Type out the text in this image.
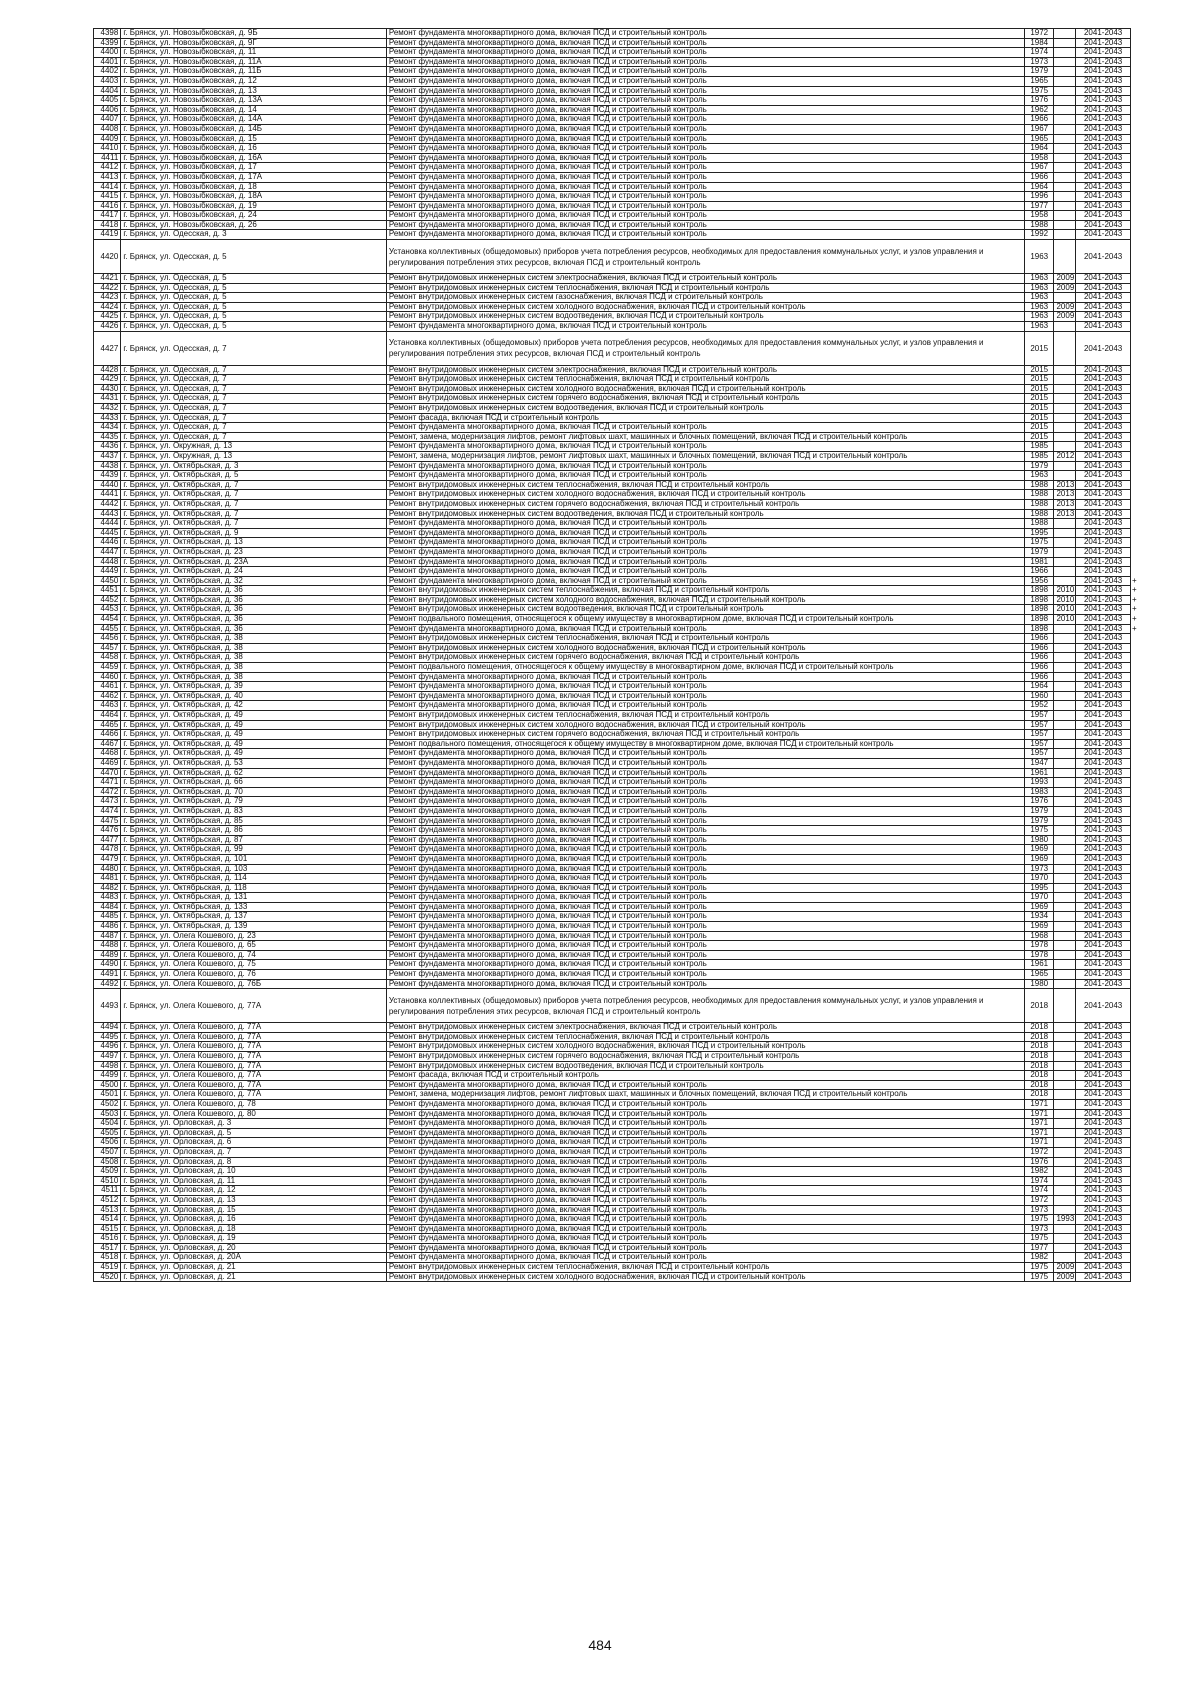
4398	г. Брянск, ул. Новозыбковская, д. 9Б	Ремонт фундамента многоквартирного дома, включая ПСД и строительный контроль	1972		2041-2043	
4399	г. Брянск, ул. Новозыбковская, д. 9Г	Ремонт фундамента многоквартирного дома, включая ПСД и строительный контроль	1984		2041-2043	
4400	г. Брянск, ул. Новозыбковская, д. 11	Ремонт фундамента многоквартирного дома, включая ПСД и строительный контроль	1974		2041-2043	
4401	г. Брянск, ул. Новозыбковская, д. 11А	Ремонт фундамента многоквартирного дома, включая ПСД и строительный контроль	1973		2041-2043	
4402	г. Брянск, ул. Новозыбковская, д. 11Б	Ремонт фундамента многоквартирного дома, включая ПСД и строительный контроль	1979		2041-2043	
4403	г. Брянск, ул. Новозыбковская, д. 12	Ремонт фундамента многоквартирного дома, включая ПСД и строительный контроль	1965		2041-2043	
4404	г. Брянск, ул. Новозыбковская, д. 13	Ремонт фундамента многоквартирного дома, включая ПСД и строительный контроль	1975		2041-2043	
4405	г. Брянск, ул. Новозыбковская, д. 13А	Ремонт фундамента многоквартирного дома, включая ПСД и строительный контроль	1976		2041-2043	
4406	г. Брянск, ул. Новозыбковская, д. 14	Ремонт фундамента многоквартирного дома, включая ПСД и строительный контроль	1962		2041-2043	
4407	г. Брянск, ул. Новозыбковская, д. 14А	Ремонт фундамента многоквартирного дома, включая ПСД и строительный контроль	1966		2041-2043	
4408	г. Брянск, ул. Новозыбковская, д. 14Б	Ремонт фундамента многоквартирного дома, включая ПСД и строительный контроль	1967		2041-2043	
4409	г. Брянск, ул. Новозыбковская, д. 15	Ремонт фундамента многоквартирного дома, включая ПСД и строительный контроль	1965		2041-2043	
4410	г. Брянск, ул. Новозыбковская, д. 16	Ремонт фундамента многоквартирного дома, включая ПСД и строительный контроль	1964		2041-2043	
4411	г. Брянск, ул. Новозыбковская, д. 16А	Ремонт фундамента многоквартирного дома, включая ПСД и строительный контроль	1958		2041-2043	
4412	г. Брянск, ул. Новозыбковская, д. 17	Ремонт фундамента многоквартирного дома, включая ПСД и строительный контроль	1967		2041-2043	
4413	г. Брянск, ул. Новозыбковская, д. 17А	Ремонт фундамента многоквартирного дома, включая ПСД и строительный контроль	1966		2041-2043	
4414	г. Брянск, ул. Новозыбковская, д. 18	Ремонт фундамента многоквартирного дома, включая ПСД и строительный контроль	1964		2041-2043	
4415	г. Брянск, ул. Новозыбковская, д. 18А	Ремонт фундамента многоквартирного дома, включая ПСД и строительный контроль	1996		2041-2043	
4416	г. Брянск, ул. Новозыбковская, д. 19	Ремонт фундамента многоквартирного дома, включая ПСД и строительный контроль	1977		2041-2043	
4417	г. Брянск, ул. Новозыбковская, д. 24	Ремонт фундамента многоквартирного дома, включая ПСД и строительный контроль	1958		2041-2043	
4418	г. Брянск, ул. Новозыбковская, д. 26	Ремонт фундамента многоквартирного дома, включая ПСД и строительный контроль	1988		2041-2043	
4419	г. Брянск, ул. Одесская, д. 3	Ремонт фундамента многоквартирного дома, включая ПСД и строительный контроль	1992		2041-2043	
4420	г. Брянск, ул. Одесская, д. 5	Установка коллективных (общедомовых) приборов учета потребления ресурсов, необходимых для предоставления коммунальных услуг, и узлов управления и регулирования потребления этих ресурсов, включая ПСД и строительный контроль	1963		2041-2043	
4421	г. Брянск, ул. Одесская, д. 5	Ремонт внутридомовых инженерных систем электроснабжения, включая ПСД и строительный контроль	1963	2009	2041-2043	
4422	г. Брянск, ул. Одесская, д. 5	Ремонт внутридомовых инженерных систем теплоснабжения, включая ПСД и строительный контроль	1963	2009	2041-2043	
4423	г. Брянск, ул. Одесская, д. 5	Ремонт внутридомовых инженерных систем газоснабжения, включая ПСД и строительный контроль	1963		2041-2043	
4424	г. Брянск, ул. Одесская, д. 5	Ремонт внутридомовых инженерных систем холодного водоснабжения, включая ПСД и строительный контроль	1963	2009	2041-2043	
4425	г. Брянск, ул. Одесская, д. 5	Ремонт внутридомовых инженерных систем водоотведения, включая ПСД и строительный контроль	1963	2009	2041-2043	
4426	г. Брянск, ул. Одесская, д. 5	Ремонт фундамента многоквартирного дома, включая ПСД и строительный контроль	1963		2041-2043	
4427	г. Брянск, ул. Одесская, д. 7	Установка коллективных (общедомовых) приборов учета потребления ресурсов, необходимых для предоставления коммунальных услуг, и узлов управления и регулирования потребления этих ресурсов, включая ПСД и строительный контроль	2015		2041-2043	
4428	г. Брянск, ул. Одесская, д. 7	Ремонт внутридомовых инженерных систем электроснабжения, включая ПСД и строительный контроль	2015		2041-2043	
4429	г. Брянск, ул. Одесская, д. 7	Ремонт внутридомовых инженерных систем теплоснабжения, включая ПСД и строительный контроль	2015		2041-2043	
4430	г. Брянск, ул. Одесская, д. 7	Ремонт внутридомовых инженерных систем холодного водоснабжения, включая ПСД и строительный контроль	2015		2041-2043	
4431	г. Брянск, ул. Одесская, д. 7	Ремонт внутридомовых инженерных систем горячего водоснабжения, включая ПСД и строительный контроль	2015		2041-2043	
4432	г. Брянск, ул. Одесская, д. 7	Ремонт внутридомовых инженерных систем водоотведения, включая ПСД и строительный контроль	2015		2041-2043	
4433	г. Брянск, ул. Одесская, д. 7	Ремонт фасада, включая ПСД и строительный контроль	2015		2041-2043	
4434	г. Брянск, ул. Одесская, д. 7	Ремонт фундамента многоквартирного дома, включая ПСД и строительный контроль	2015		2041-2043	
4435	г. Брянск, ул. Одесская, д. 7	Ремонт, замена, модернизация лифтов, ремонт лифтовых шахт, машинных и блочных помещений, включая ПСД и строительный контроль	2015		2041-2043	
4436	г. Брянск, ул. Окружная, д. 13	Ремонт фундамента многоквартирного дома, включая ПСД и строительный контроль	1985		2041-2043	
4437	г. Брянск, ул. Окружная, д. 13	Ремонт, замена, модернизация лифтов, ремонт лифтовых шахт, машинных и блочных помещений, включая ПСД и строительный контроль	1985	2012	2041-2043	
4438	г. Брянск, ул. Октябрьская, д. 3	Ремонт фундамента многоквартирного дома, включая ПСД и строительный контроль	1979		2041-2043	
4439	г. Брянск, ул. Октябрьская, д. 5	Ремонт фундамента многоквартирного дома, включая ПСД и строительный контроль	1963		2041-2043	
4440	г. Брянск, ул. Октябрьская, д. 7	Ремонт внутридомовых инженерных систем теплоснабжения, включая ПСД и строительный контроль	1988	2013	2041-2043	
4441	г. Брянск, ул. Октябрьская, д. 7	Ремонт внутридомовых инженерных систем холодного водоснабжения, включая ПСД и строительный контроль	1988	2013	2041-2043	
4442	г. Брянск, ул. Октябрьская, д. 7	Ремонт внутридомовых инженерных систем горячего водоснабжения, включая ПСД и строительный контроль	1988	2013	2041-2043	
4443	г. Брянск, ул. Октябрьская, д. 7	Ремонт внутридомовых инженерных систем водоотведения, включая ПСД и строительный контроль	1988	2013	2041-2043	
4444	г. Брянск, ул. Октябрьская, д. 7	Ремонт фундамента многоквартирного дома, включая ПСД и строительный контроль	1988		2041-2043	
4445	г. Брянск, ул. Октябрьская, д. 9	Ремонт фундамента многоквартирного дома, включая ПСД и строительный контроль	1995		2041-2043	
4446	г. Брянск, ул. Октябрьская, д. 13	Ремонт фундамента многоквартирного дома, включая ПСД и строительный контроль	1975		2041-2043	
4447	г. Брянск, ул. Октябрьская, д. 23	Ремонт фундамента многоквартирного дома, включая ПСД и строительный контроль	1979		2041-2043	
4448	г. Брянск, ул. Октябрьская, д. 23А	Ремонт фундамента многоквартирного дома, включая ПСД и строительный контроль	1981		2041-2043	
4449	г. Брянск, ул. Октябрьская, д. 24	Ремонт фундамента многоквартирного дома, включая ПСД и строительный контроль	1966		2041-2043	
4450	г. Брянск, ул. Октябрьская, д. 32	Ремонт фундамента многоквартирного дома, включая ПСД и строительный контроль	1956		2041-2043	+
4451	г. Брянск, ул. Октябрьская, д. 36	Ремонт внутридомовых инженерных систем теплоснабжения, включая ПСД и строительный контроль	1898	2010	2041-2043	+
4452	г. Брянск, ул. Октябрьская, д. 36	Ремонт внутридомовых инженерных систем холодного водоснабжения, включая ПСД и строительный контроль	1898	2010	2041-2043	+
4453	г. Брянск, ул. Октябрьская, д. 36	Ремонт внутридомовых инженерных систем водоотведения, включая ПСД и строительный контроль	1898	2010	2041-2043	+
4454	г. Брянск, ул. Октябрьская, д. 36	Ремонт подвального помещения, относящегося к общему имуществу в многоквартирном доме, включая ПСД и строительный контроль	1898	2010	2041-2043	+
4455	г. Брянск, ул. Октябрьская, д. 36	Ремонт фундамента многоквартирного дома, включая ПСД и строительный контроль	1898		2041-2043	+
4456	г. Брянск, ул. Октябрьская, д. 38	Ремонт внутридомовых инженерных систем теплоснабжения, включая ПСД и строительный контроль	1966		2041-2043	
4457	г. Брянск, ул. Октябрьская, д. 38	Ремонт внутридомовых инженерных систем холодного водоснабжения, включая ПСД и строительный контроль	1966		2041-2043	
4458	г. Брянск, ул. Октябрьская, д. 38	Ремонт внутридомовых инженерных систем горячего водоснабжения, включая ПСД и строительный контроль	1966		2041-2043	
4459	г. Брянск, ул. Октябрьская, д. 38	Ремонт подвального помещения, относящегося к общему имуществу в многоквартирном доме, включая ПСД и строительный контроль	1966		2041-2043	
4460	г. Брянск, ул. Октябрьская, д. 38	Ремонт фундамента многоквартирного дома, включая ПСД и строительный контроль	1966		2041-2043	
4461	г. Брянск, ул. Октябрьская, д. 39	Ремонт фундамента многоквартирного дома, включая ПСД и строительный контроль	1964		2041-2043	
4462	г. Брянск, ул. Октябрьская, д. 40	Ремонт фундамента многоквартирного дома, включая ПСД и строительный контроль	1960		2041-2043	
4463	г. Брянск, ул. Октябрьская, д. 42	Ремонт фундамента многоквартирного дома, включая ПСД и строительный контроль	1952		2041-2043	
4464	г. Брянск, ул. Октябрьская, д. 49	Ремонт внутридомовых инженерных систем теплоснабжения, включая ПСД и строительный контроль	1957		2041-2043	
4465	г. Брянск, ул. Октябрьская, д. 49	Ремонт внутридомовых инженерных систем холодного водоснабжения, включая ПСД и строительный контроль	1957		2041-2043	
4466	г. Брянск, ул. Октябрьская, д. 49	Ремонт внутридомовых инженерных систем горячего водоснабжения, включая ПСД и строительный контроль	1957		2041-2043	
4467	г. Брянск, ул. Октябрьская, д. 49	Ремонт подвального помещения, относящегося к общему имуществу в многоквартирном доме, включая ПСД и строительный контроль	1957		2041-2043	
4468	г. Брянск, ул. Октябрьская, д. 49	Ремонт фундамента многоквартирного дома, включая ПСД и строительный контроль	1957		2041-2043	
4469	г. Брянск, ул. Октябрьская, д. 53	Ремонт фундамента многоквартирного дома, включая ПСД и строительный контроль	1947		2041-2043	
4470	г. Брянск, ул. Октябрьская, д. 62	Ремонт фундамента многоквартирного дома, включая ПСД и строительный контроль	1961		2041-2043	
4471	г. Брянск, ул. Октябрьская, д. 66	Ремонт фундамента многоквартирного дома, включая ПСД и строительный контроль	1993		2041-2043	
4472	г. Брянск, ул. Октябрьская, д. 70	Ремонт фундамента многоквартирного дома, включая ПСД и строительный контроль	1983		2041-2043	
4473	г. Брянск, ул. Октябрьская, д. 79	Ремонт фундамента многоквартирного дома, включая ПСД и строительный контроль	1976		2041-2043	
4474	г. Брянск, ул. Октябрьская, д. 83	Ремонт фундамента многоквартирного дома, включая ПСД и строительный контроль	1979		2041-2043	
4475	г. Брянск, ул. Октябрьская, д. 85	Ремонт фундамента многоквартирного дома, включая ПСД и строительный контроль	1979		2041-2043	
4476	г. Брянск, ул. Октябрьская, д. 86	Ремонт фундамента многоквартирного дома, включая ПСД и строительный контроль	1975		2041-2043	
4477	г. Брянск, ул. Октябрьская, д. 87	Ремонт фундамента многоквартирного дома, включая ПСД и строительный контроль	1980		2041-2043	
4478	г. Брянск, ул. Октябрьская, д. 99	Ремонт фундамента многоквартирного дома, включая ПСД и строительный контроль	1969		2041-2043	
4479	г. Брянск, ул. Октябрьская, д. 101	Ремонт фундамента многоквартирного дома, включая ПСД и строительный контроль	1969		2041-2043	
4480	г. Брянск, ул. Октябрьская, д. 103	Ремонт фундамента многоквартирного дома, включая ПСД и строительный контроль	1973		2041-2043	
4481	г. Брянск, ул. Октябрьская, д. 114	Ремонт фундамента многоквартирного дома, включая ПСД и строительный контроль	1970		2041-2043	
4482	г. Брянск, ул. Октябрьская, д. 118	Ремонт фундамента многоквартирного дома, включая ПСД и строительный контроль	1995		2041-2043	
4483	г. Брянск, ул. Октябрьская, д. 131	Ремонт фундамента многоквартирного дома, включая ПСД и строительный контроль	1970		2041-2043	
4484	г. Брянск, ул. Октябрьская, д. 133	Ремонт фундамента многоквартирного дома, включая ПСД и строительный контроль	1969		2041-2043	
4485	г. Брянск, ул. Октябрьская, д. 137	Ремонт фундамента многоквартирного дома, включая ПСД и строительный контроль	1934		2041-2043	
4486	г. Брянск, ул. Октябрьская, д. 139	Ремонт фундамента многоквартирного дома, включая ПСД и строительный контроль	1969		2041-2043	
4487	г. Брянск, ул. Олега Кошевого, д. 23	Ремонт фундамента многоквартирного дома, включая ПСД и строительный контроль	1968		2041-2043	
4488	г. Брянск, ул. Олега Кошевого, д. 65	Ремонт фундамента многоквартирного дома, включая ПСД и строительный контроль	1978		2041-2043	
4489	г. Брянск, ул. Олега Кошевого, д. 74	Ремонт фундамента многоквартирного дома, включая ПСД и строительный контроль	1978		2041-2043	
4490	г. Брянск, ул. Олега Кошевого, д. 75	Ремонт фундамента многоквартирного дома, включая ПСД и строительный контроль	1961		2041-2043	
4491	г. Брянск, ул. Олега Кошевого, д. 76	Ремонт фундамента многоквартирного дома, включая ПСД и строительный контроль	1965		2041-2043	
4492	г. Брянск, ул. Олега Кошевого, д. 76Б	Ремонт фундамента многоквартирного дома, включая ПСД и строительный контроль	1980		2041-2043	
4493	г. Брянск, ул. Олега Кошевого, д. 77А	Установка коллективных (общедомовых) приборов учета потребления ресурсов, необходимых для предоставления коммунальных услуг, и узлов управления и регулирования потребления этих ресурсов, включая ПСД и строительный контроль	2018		2041-2043	
4494	г. Брянск, ул. Олега Кошевого, д. 77А	Ремонт внутридомовых инженерных систем электроснабжения, включая ПСД и строительный контроль	2018		2041-2043	
4495	г. Брянск, ул. Олега Кошевого, д. 77А	Ремонт внутридомовых инженерных систем теплоснабжения, включая ПСД и строительный контроль	2018		2041-2043	
4496	г. Брянск, ул. Олега Кошевого, д. 77А	Ремонт внутридомовых инженерных систем холодного водоснабжения, включая ПСД и строительный контроль	2018		2041-2043	
4497	г. Брянск, ул. Олега Кошевого, д. 77А	Ремонт внутридомовых инженерных систем горячего водоснабжения, включая ПСД и строительный контроль	2018		2041-2043	
4498	г. Брянск, ул. Олега Кошевого, д. 77А	Ремонт внутридомовых инженерных систем водоотведения, включая ПСД и строительный контроль	2018		2041-2043	
4499	г. Брянск, ул. Олега Кошевого, д. 77А	Ремонт фасада, включая ПСД и строительный контроль	2018		2041-2043	
4500	г. Брянск, ул. Олега Кошевого, д. 77А	Ремонт фундамента многоквартирного дома, включая ПСД и строительный контроль	2018		2041-2043	
4501	г. Брянск, ул. Олега Кошевого, д. 77А	Ремонт, замена, модернизация лифтов, ремонт лифтовых шахт, машинных и блочных помещений, включая ПСД и строительный контроль	2018		2041-2043	
4502	г. Брянск, ул. Олега Кошевого, д. 78	Ремонт фундамента многоквартирного дома, включая ПСД и строительный контроль	1971		2041-2043	
4503	г. Брянск, ул. Олега Кошевого, д. 80	Ремонт фундамента многоквартирного дома, включая ПСД и строительный контроль	1971		2041-2043	
4504	г. Брянск, ул. Орловская, д. 3	Ремонт фундамента многоквартирного дома, включая ПСД и строительный контроль	1971		2041-2043	
4505	г. Брянск, ул. Орловская, д. 5	Ремонт фундамента многоквартирного дома, включая ПСД и строительный контроль	1971		2041-2043	
4506	г. Брянск, ул. Орловская, д. 6	Ремонт фундамента многоквартирного дома, включая ПСД и строительный контроль	1971		2041-2043	
4507	г. Брянск, ул. Орловская, д. 7	Ремонт фундамента многоквартирного дома, включая ПСД и строительный контроль	1972		2041-2043	
4508	г. Брянск, ул. Орловская, д. 8	Ремонт фундамента многоквартирного дома, включая ПСД и строительный контроль	1976		2041-2043	
4509	г. Брянск, ул. Орловская, д. 10	Ремонт фундамента многоквартирного дома, включая ПСД и строительный контроль	1982		2041-2043	
4510	г. Брянск, ул. Орловская, д. 11	Ремонт фундамента многоквартирного дома, включая ПСД и строительный контроль	1974		2041-2043	
4511	г. Брянск, ул. Орловская, д. 12	Ремонт фундамента многоквартирного дома, включая ПСД и строительный контроль	1974		2041-2043	
4512	г. Брянск, ул. Орловская, д. 13	Ремонт фундамента многоквартирного дома, включая ПСД и строительный контроль	1972		2041-2043	
4513	г. Брянск, ул. Орловская, д. 15	Ремонт фундамента многоквартирного дома, включая ПСД и строительный контроль	1973		2041-2043	
4514	г. Брянск, ул. Орловская, д. 16	Ремонт фундамента многоквартирного дома, включая ПСД и строительный контроль	1975	1993	2041-2043	
4515	г. Брянск, ул. Орловская, д. 18	Ремонт фундамента многоквартирного дома, включая ПСД и строительный контроль	1973		2041-2043	
4516	г. Брянск, ул. Орловская, д. 19	Ремонт фундамента многоквартирного дома, включая ПСД и строительный контроль	1975		2041-2043	
4517	г. Брянск, ул. Орловская, д. 20	Ремонт фундамента многоквартирного дома, включая ПСД и строительный контроль	1977		2041-2043	
4518	г. Брянск, ул. Орловская, д. 20А	Ремонт фундамента многоквартирного дома, включая ПСД и строительный контроль	1982		2041-2043	
4519	г. Брянск, ул. Орловская, д. 21	Ремонт внутридомовых инженерных систем теплоснабжения, включая ПСД и строительный контроль	1975	2009	2041-2043	
4520	г. Брянск, ул. Орловская, д. 21	Ремонт внутридомовых инженерных систем холодного водоснабжения, включая ПСД и строительный контроль	1975	2009	2041-2043	
484
